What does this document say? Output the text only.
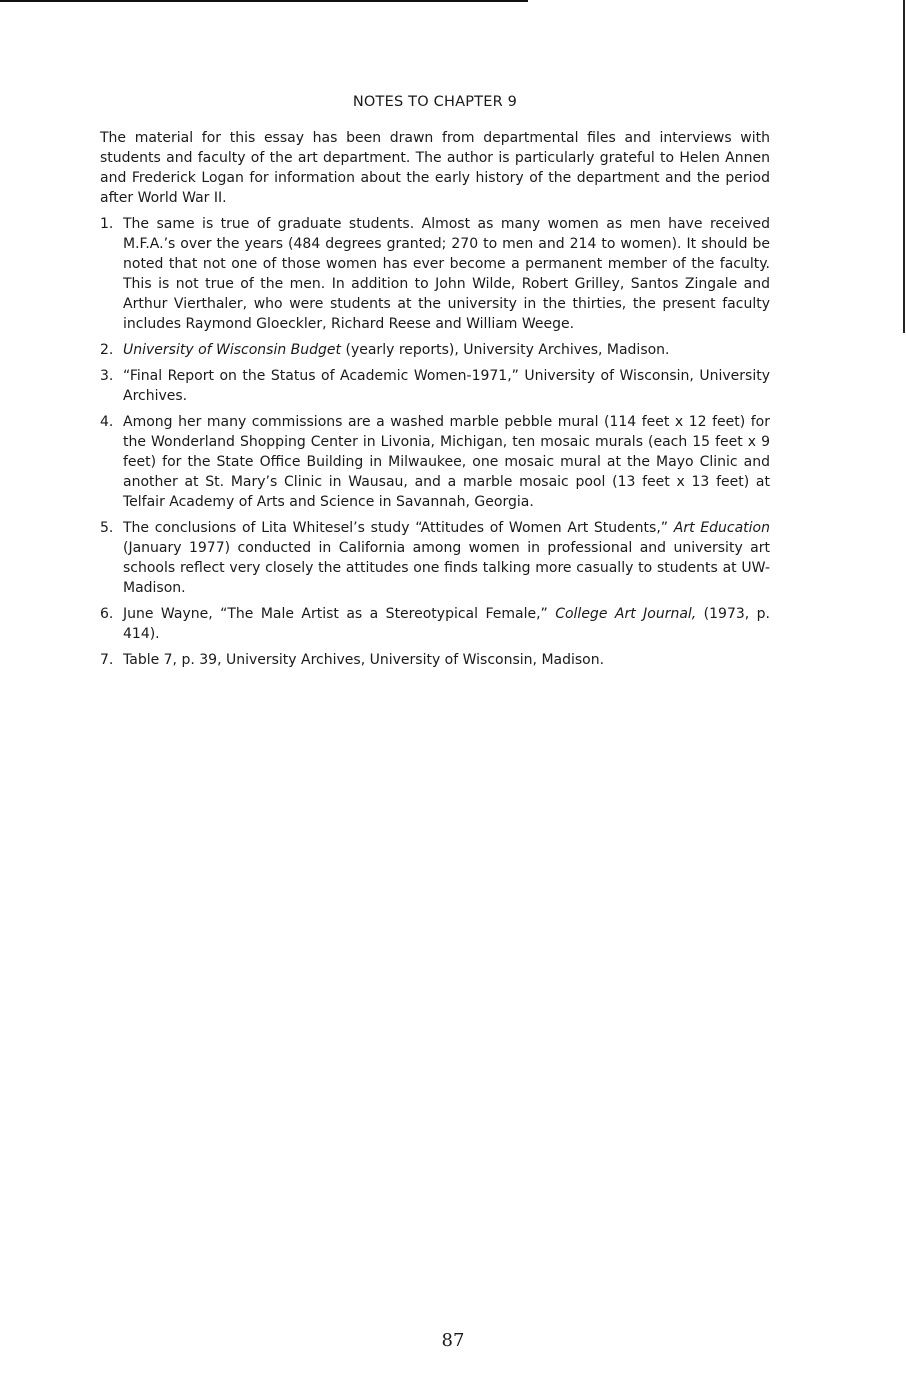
NOTES TO CHAPTER 9

The material for this essay has been drawn from departmental files and interviews with students and faculty of the art department. The author is particularly grateful to Helen Annen and Frederick Logan for information about the early history of the department and the period after World War II.

1. The same is true of graduate students. Almost as many women as men have received M.F.A.’s over the years (484 degrees granted; 270 to men and 214 to women). It should be noted that not one of those women has ever become a permanent member of the faculty. This is not true of the men. In addition to John Wilde, Robert Grilley, Santos Zingale and Arthur Vierthaler, who were students at the university in the thirties, the present faculty includes Raymond Gloeckler, Richard Reese and William Weege.
2. University of Wisconsin Budget (yearly reports), University Archives, Madison.
3. “Final Report on the Status of Academic Women-1971,” University of Wisconsin, University Archives.
4. Among her many commissions are a washed marble pebble mural (114 feet x 12 feet) for the Wonderland Shopping Center in Livonia, Michigan, ten mosaic murals (each 15 feet x 9 feet) for the State Office Building in Milwaukee, one mosaic mural at the Mayo Clinic and another at St. Mary’s Clinic in Wausau, and a marble mosaic pool (13 feet x 13 feet) at Telfair Academy of Arts and Science in Savannah, Georgia.
5. The conclusions of Lita Whitesel’s study “Attitudes of Women Art Students,” Art Education (January 1977) conducted in California among women in professional and university art schools reflect very closely the attitudes one finds talking more casually to students at UW-Madison.
6. June Wayne, “The Male Artist as a Stereotypical Female,” College Art Journal, (1973, p. 414).
7. Table 7, p. 39, University Archives, University of Wisconsin, Madison.
87
